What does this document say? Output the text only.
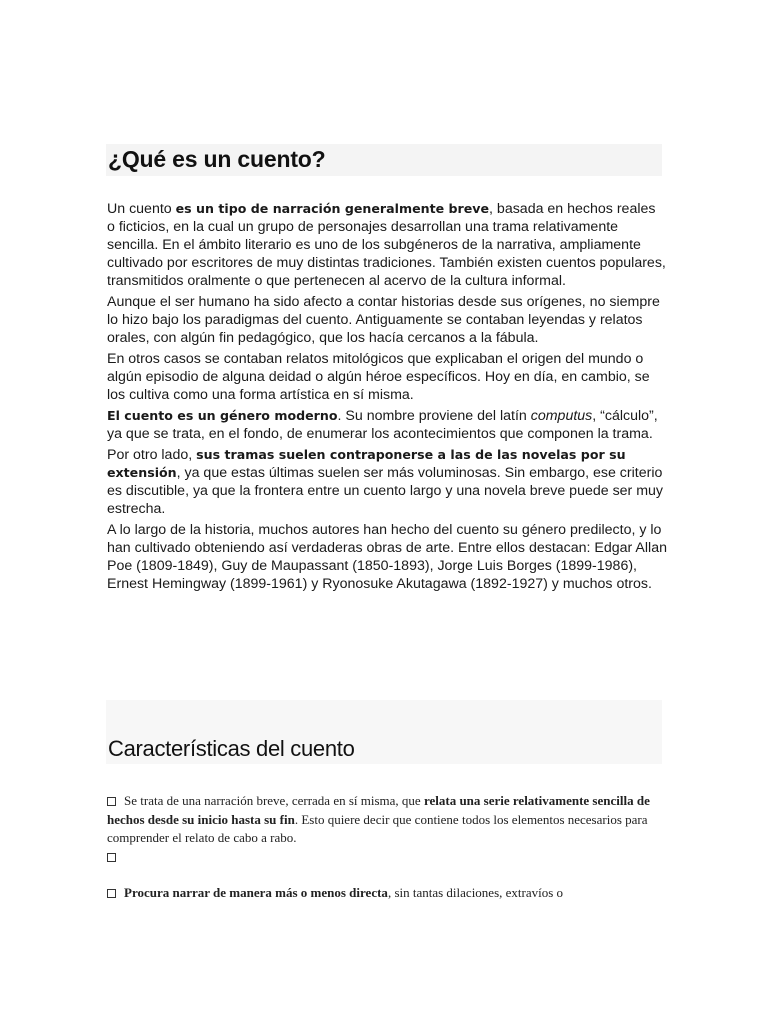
¿Qué es un cuento?

Un cuento es un tipo de narración generalmente breve, basada en hechos reales o ficticios, en la cual un grupo de personajes desarrollan una trama relativamente sencilla. En el ámbito literario es uno de los subgéneros de la narrativa, ampliamente cultivado por escritores de muy distintas tradiciones. También existen cuentos populares, transmitidos oralmente o que pertenecen al acervo de la cultura informal.

Aunque el ser humano ha sido afecto a contar historias desde sus orígenes, no siempre lo hizo bajo los paradigmas del cuento. Antiguamente se contaban leyendas y relatos orales, con algún fin pedagógico, que los hacía cercanos a la fábula.

En otros casos se contaban relatos mitológicos que explicaban el origen del mundo o algún episodio de alguna deidad o algún héroe específicos. Hoy en día, en cambio, se los cultiva como una forma artística en sí misma.

El cuento es un género moderno. Su nombre proviene del latín computus, “cálculo”, ya que se trata, en el fondo, de enumerar los acontecimientos que componen la trama.

Por otro lado, sus tramas suelen contraponerse a las de las novelas por su extensión, ya que estas últimas suelen ser más voluminosas. Sin embargo, ese criterio es discutible, ya que la frontera entre un cuento largo y una novela breve puede ser muy estrecha.

A lo largo de la historia, muchos autores han hecho del cuento su género predilecto, y lo han cultivado obteniendo así verdaderas obras de arte. Entre ellos destacan: Edgar Allan Poe (1809-1849), Guy de Maupassant (1850-1893), Jorge Luis Borges (1899-1986), Ernest Hemingway (1899-1961) y Ryonosuke Akutagawa (1892-1927) y muchos otros.

Características del cuento
Se trata de una narración breve, cerrada en sí misma, que relata una serie relativamente sencilla de hechos desde su inicio hasta su fin. Esto quiere decir que contiene todos los elementos necesarios para comprender el relato de cabo a rabo.

Procura narrar de manera más o menos directa, sin tantas dilaciones, extravíos o
